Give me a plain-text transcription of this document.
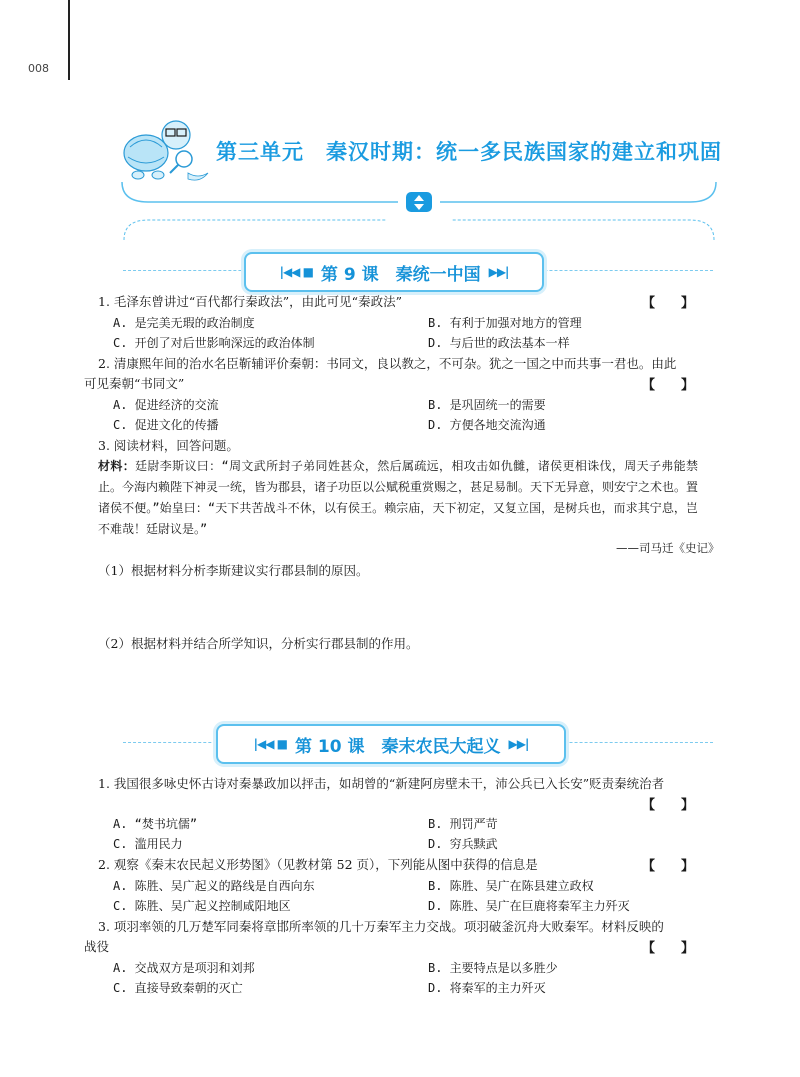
008
第三单元　秦汉时期：统一多民族国家的建立和巩固
|◀◀ ■ 第 9 课　秦统一中国 ▶▶|
1. 毛泽东曾讲过“百代都行秦政法”，由此可见“秦政法”	【　　】
A. 是完美无瑕的政治制度	B. 有利于加强对地方的管理
C. 开创了对后世影响深远的政治体制	D. 与后世的政法基本一样
2. 清康熙年间的治水名臣靳辅评价秦朝：书同文，良以教之，不可杂。犹之一国之中而共事一君也。由此
可见秦朝“书同文”	【　　】
A. 促进经济的交流	B. 是巩固统一的需要
C. 促进文化的传播	D. 方便各地交流沟通
3. 阅读材料，回答问题。
材料：廷尉李斯议曰：“周文武所封子弟同姓甚众，然后属疏远，相攻击如仇雠，诸侯更相诛伐，周天子弗能禁止。今海内赖陛下神灵一统，皆为郡县，诸子功臣以公赋税重赏赐之，甚足易制。天下无异意，则安宁之术也。置诸侯不便。”始皇曰：“天下共苦战斗不休，以有侯王。赖宗庙，天下初定，又复立国，是树兵也，而求其宁息，岂不难哉！廷尉议是。”
——司马迁《史记》
（1）根据材料分析李斯建议实行郡县制的原因。
（2）根据材料并结合所学知识，分析实行郡县制的作用。
|◀◀ ■ 第 10 课　秦末农民大起义 ▶▶|
1. 我国很多咏史怀古诗对秦暴政加以抨击，如胡曾的“新建阿房壁未干，沛公兵已入长安”贬责秦统治者
【　　】
A. “焚书坑儒”	B. 刑罚严苛
C. 滥用民力	D. 穷兵黩武
2. 观察《秦末农民起义形势图》（见教材第 52 页），下列能从图中获得的信息是	【　　】
A. 陈胜、吴广起义的路线是自西向东	B. 陈胜、吴广在陈县建立政权
C. 陈胜、吴广起义控制咸阳地区	D. 陈胜、吴广在巨鹿将秦军主力歼灭
3. 项羽率领的几万楚军同秦将章邯所率领的几十万秦军主力交战。项羽破釜沉舟大败秦军。材料反映的
战役	【　　】
A. 交战双方是项羽和刘邦	B. 主要特点是以多胜少
C. 直接导致秦朝的灭亡	D. 将秦军的主力歼灭
